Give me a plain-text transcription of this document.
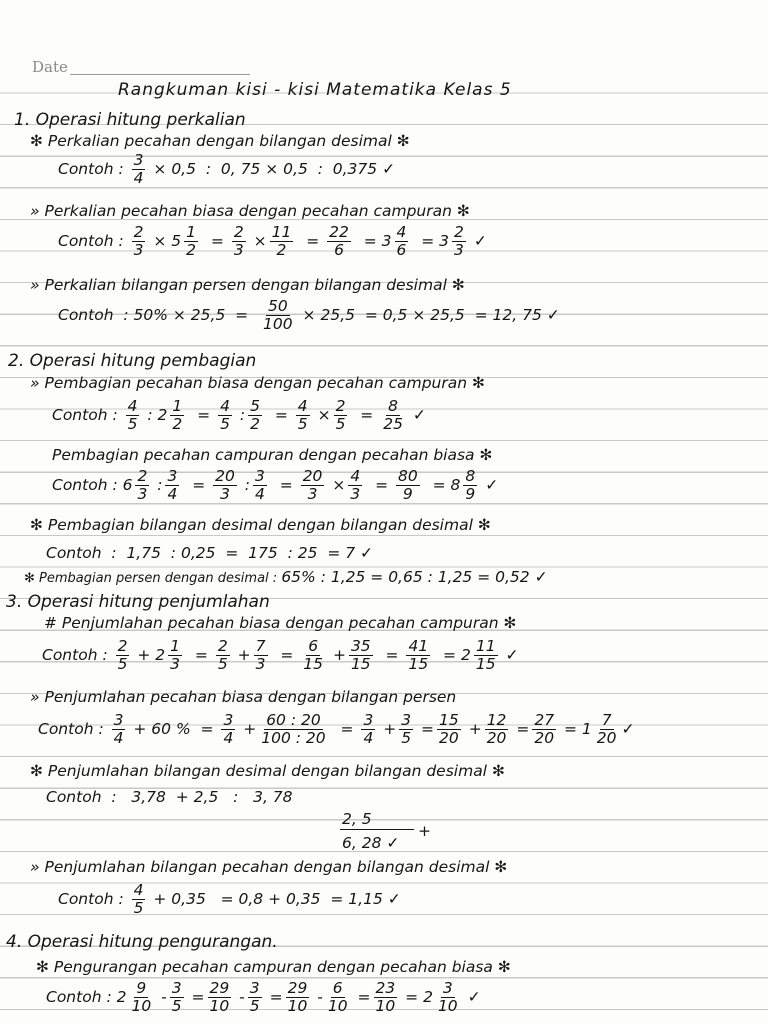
Date
Rangkuman kisi - kisi Matematika Kelas 5
1. Operasi hitung perkalian
✻ Perkalian pecahan dengan bilangan desimal ✻
Contoh : $\frac{3}{4} \times 0,5$  :  0, 75 × 0,5  :  0,375 ✓
» Perkalian pecahan biasa dengan pecahan campuran ✻
Contoh : $\frac{2}{3} \times 5 \frac{1}{2} = \frac{2}{3} \times \frac{11}{2} = \frac{22}{6} = 3 \frac{4}{6} = 3 \frac{2}{3}$ ✓
» Perkalian bilangan persen dengan bilangan desimal ✻
Contoh  : $50\% \times 25,5 = \frac{50}{100} \times 25,5 = 0,5 \times 25,5 = 12$, 75 ✓
2. Operasi hitung pembagian
» Pembagian pecahan biasa dengan pecahan campuran ✻
Contoh : $\frac{4}{5}$ : $2 \frac{1}{2} = \frac{4}{5}$ : $\frac{5}{2} = \frac{4}{5} \times \frac{2}{5} = \frac{8}{25}$ ✓
Pembagian pecahan campuran dengan pecahan biasa ✻
Contoh : $6 \frac{2}{3}$ : $\frac{3}{4} = \frac{20}{3}$ : $\frac{3}{4} = \frac{20}{3} \times \frac{4}{3} = \frac{80}{9} = 8 \frac{8}{9}$ ✓
✻ Pembagian bilangan desimal dengan bilangan desimal ✻
Contoh  :  1,75  : 0,25  =  175  : 25  = 7 ✓
✻ Pembagian persen dengan desimal : 65% : 1,25 = 0,65 : 1,25 = 0,52 ✓
3. Operasi hitung penjumlahan
# Penjumlahan pecahan biasa dengan pecahan campuran ✻
Contoh : $\frac{2}{5} + 2 \frac{1}{3} = \frac{2}{5} + \frac{7}{3} = \frac{6}{15} + \frac{35}{15} = \frac{41}{15} = 2 \frac{11}{15}$ ✓
» Penjumlahan pecahan biasa dengan bilangan persen
Contoh : $\frac{3}{4} + 60$ %  = $\frac{3}{4} + \frac{60 : 20}{100 : 20} = \frac{3}{4} + \frac{3}{5} = \frac{15}{20} + \frac{12}{20} = \frac{27}{20} = 1 \frac{7}{20}$ ✓
✻ Penjumlahan bilangan desimal dengan bilangan desimal ✻
Contoh  :   3,78  + 2,5   :   3, 78
2, 5
+
6, 28 ✓
» Penjumlahan bilangan pecahan dengan bilangan desimal ✻
Contoh : $\frac{4}{5} + 0,35 = 0,8 + 0,35 = 1,15$ ✓
4. Operasi hitung pengurangan.
✻ Pengurangan pecahan campuran dengan pecahan biasa ✻
Contoh : $2 \frac{9}{10} - \frac{3}{5} = \frac{29}{10} - \frac{3}{5} = \frac{29}{10} - \frac{6}{10} = \frac{23}{10} = 2 \frac{3}{10}$ ✓
